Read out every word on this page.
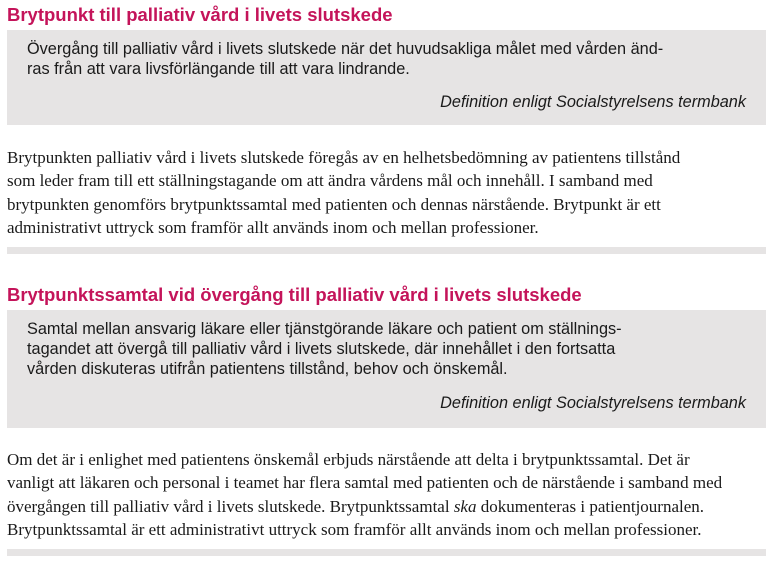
Brytpunkt till palliativ vård i livets slutskede

Övergång till palliativ vård i livets slutskede när det huvudsakliga målet med vården änd-
ras från att vara livsförlängande till att vara lindrande.

Definition enligt Socialstyrelsens termbank

Brytpunkten palliativ vård i livets slutskede föregås av en helhetsbedömning av patientens tillstånd
som leder fram till ett ställningstagande om att ändra vårdens mål och innehåll. I samband med
brytpunkten genomförs brytpunktssamtal med patienten och dennas närstående. Brytpunkt är ett
administrativt uttryck som framför allt används inom och mellan professioner.

Brytpunktssamtal vid övergång till palliativ vård i livets slutskede

Samtal mellan ansvarig läkare eller tjänstgörande läkare och patient om ställnings-
tagandet att övergå till palliativ vård i livets slutskede, där innehållet i den fortsatta
vården diskuteras utifrån patientens tillstånd, behov och önskemål.

Definition enligt Socialstyrelsens termbank

Om det är i enlighet med patientens önskemål erbjuds närstående att delta i brytpunktssamtal. Det är
vanligt att läkaren och personal i teamet har flera samtal med patienten och de närstående i samband med
övergången till palliativ vård i livets slutskede. Brytpunktssamtal ska dokumenteras i patientjournalen.
Brytpunktssamtal är ett administrativt uttryck som framför allt används inom och mellan professioner.
